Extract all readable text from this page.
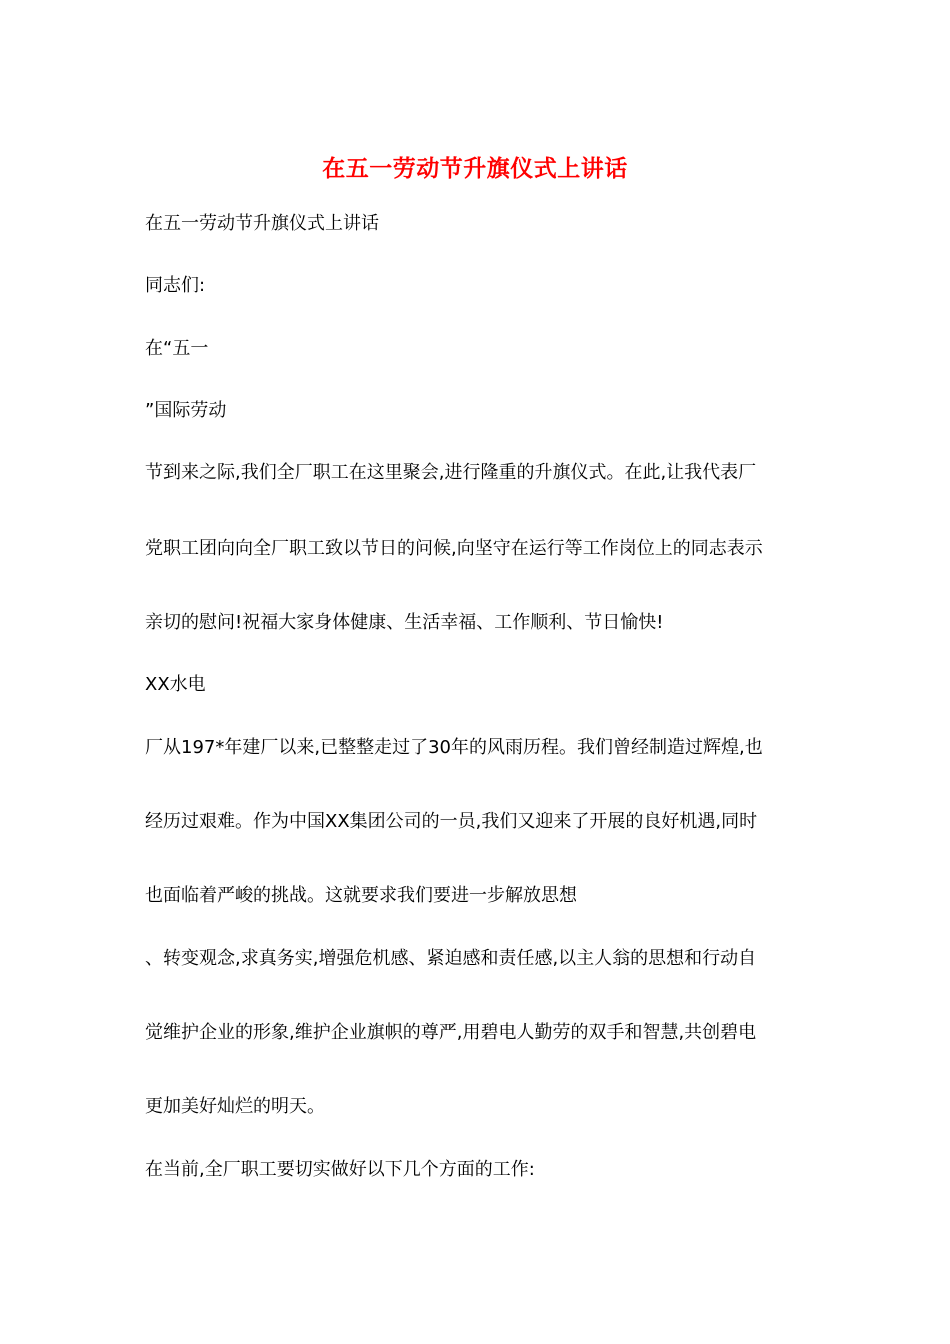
在五一劳动节升旗仪式上讲话
在五一劳动节升旗仪式上讲话
同志们:
在“五一
”国际劳动
节到来之际,我们全厂职工在这里聚会,进行隆重的升旗仪式。在此,让我代表厂
党职工团向向全厂职工致以节日的问候,向坚守在运行等工作岗位上的同志表示
亲切的慰问!祝福大家身体健康、生活幸福、工作顺利、节日愉快!
XX水电
厂从197*年建厂以来,已整整走过了30年的风雨历程。我们曾经制造过辉煌,也
经历过艰难。作为中国XX集团公司的一员,我们又迎来了开展的良好机遇,同时
也面临着严峻的挑战。这就要求我们要进一步解放思想
、转变观念,求真务实,增强危机感、紧迫感和责任感,以主人翁的思想和行动自
觉维护企业的形象,维护企业旗帜的尊严,用碧电人勤劳的双手和智慧,共创碧电
更加美好灿烂的明天。
在当前,全厂职工要切实做好以下几个方面的工作:
